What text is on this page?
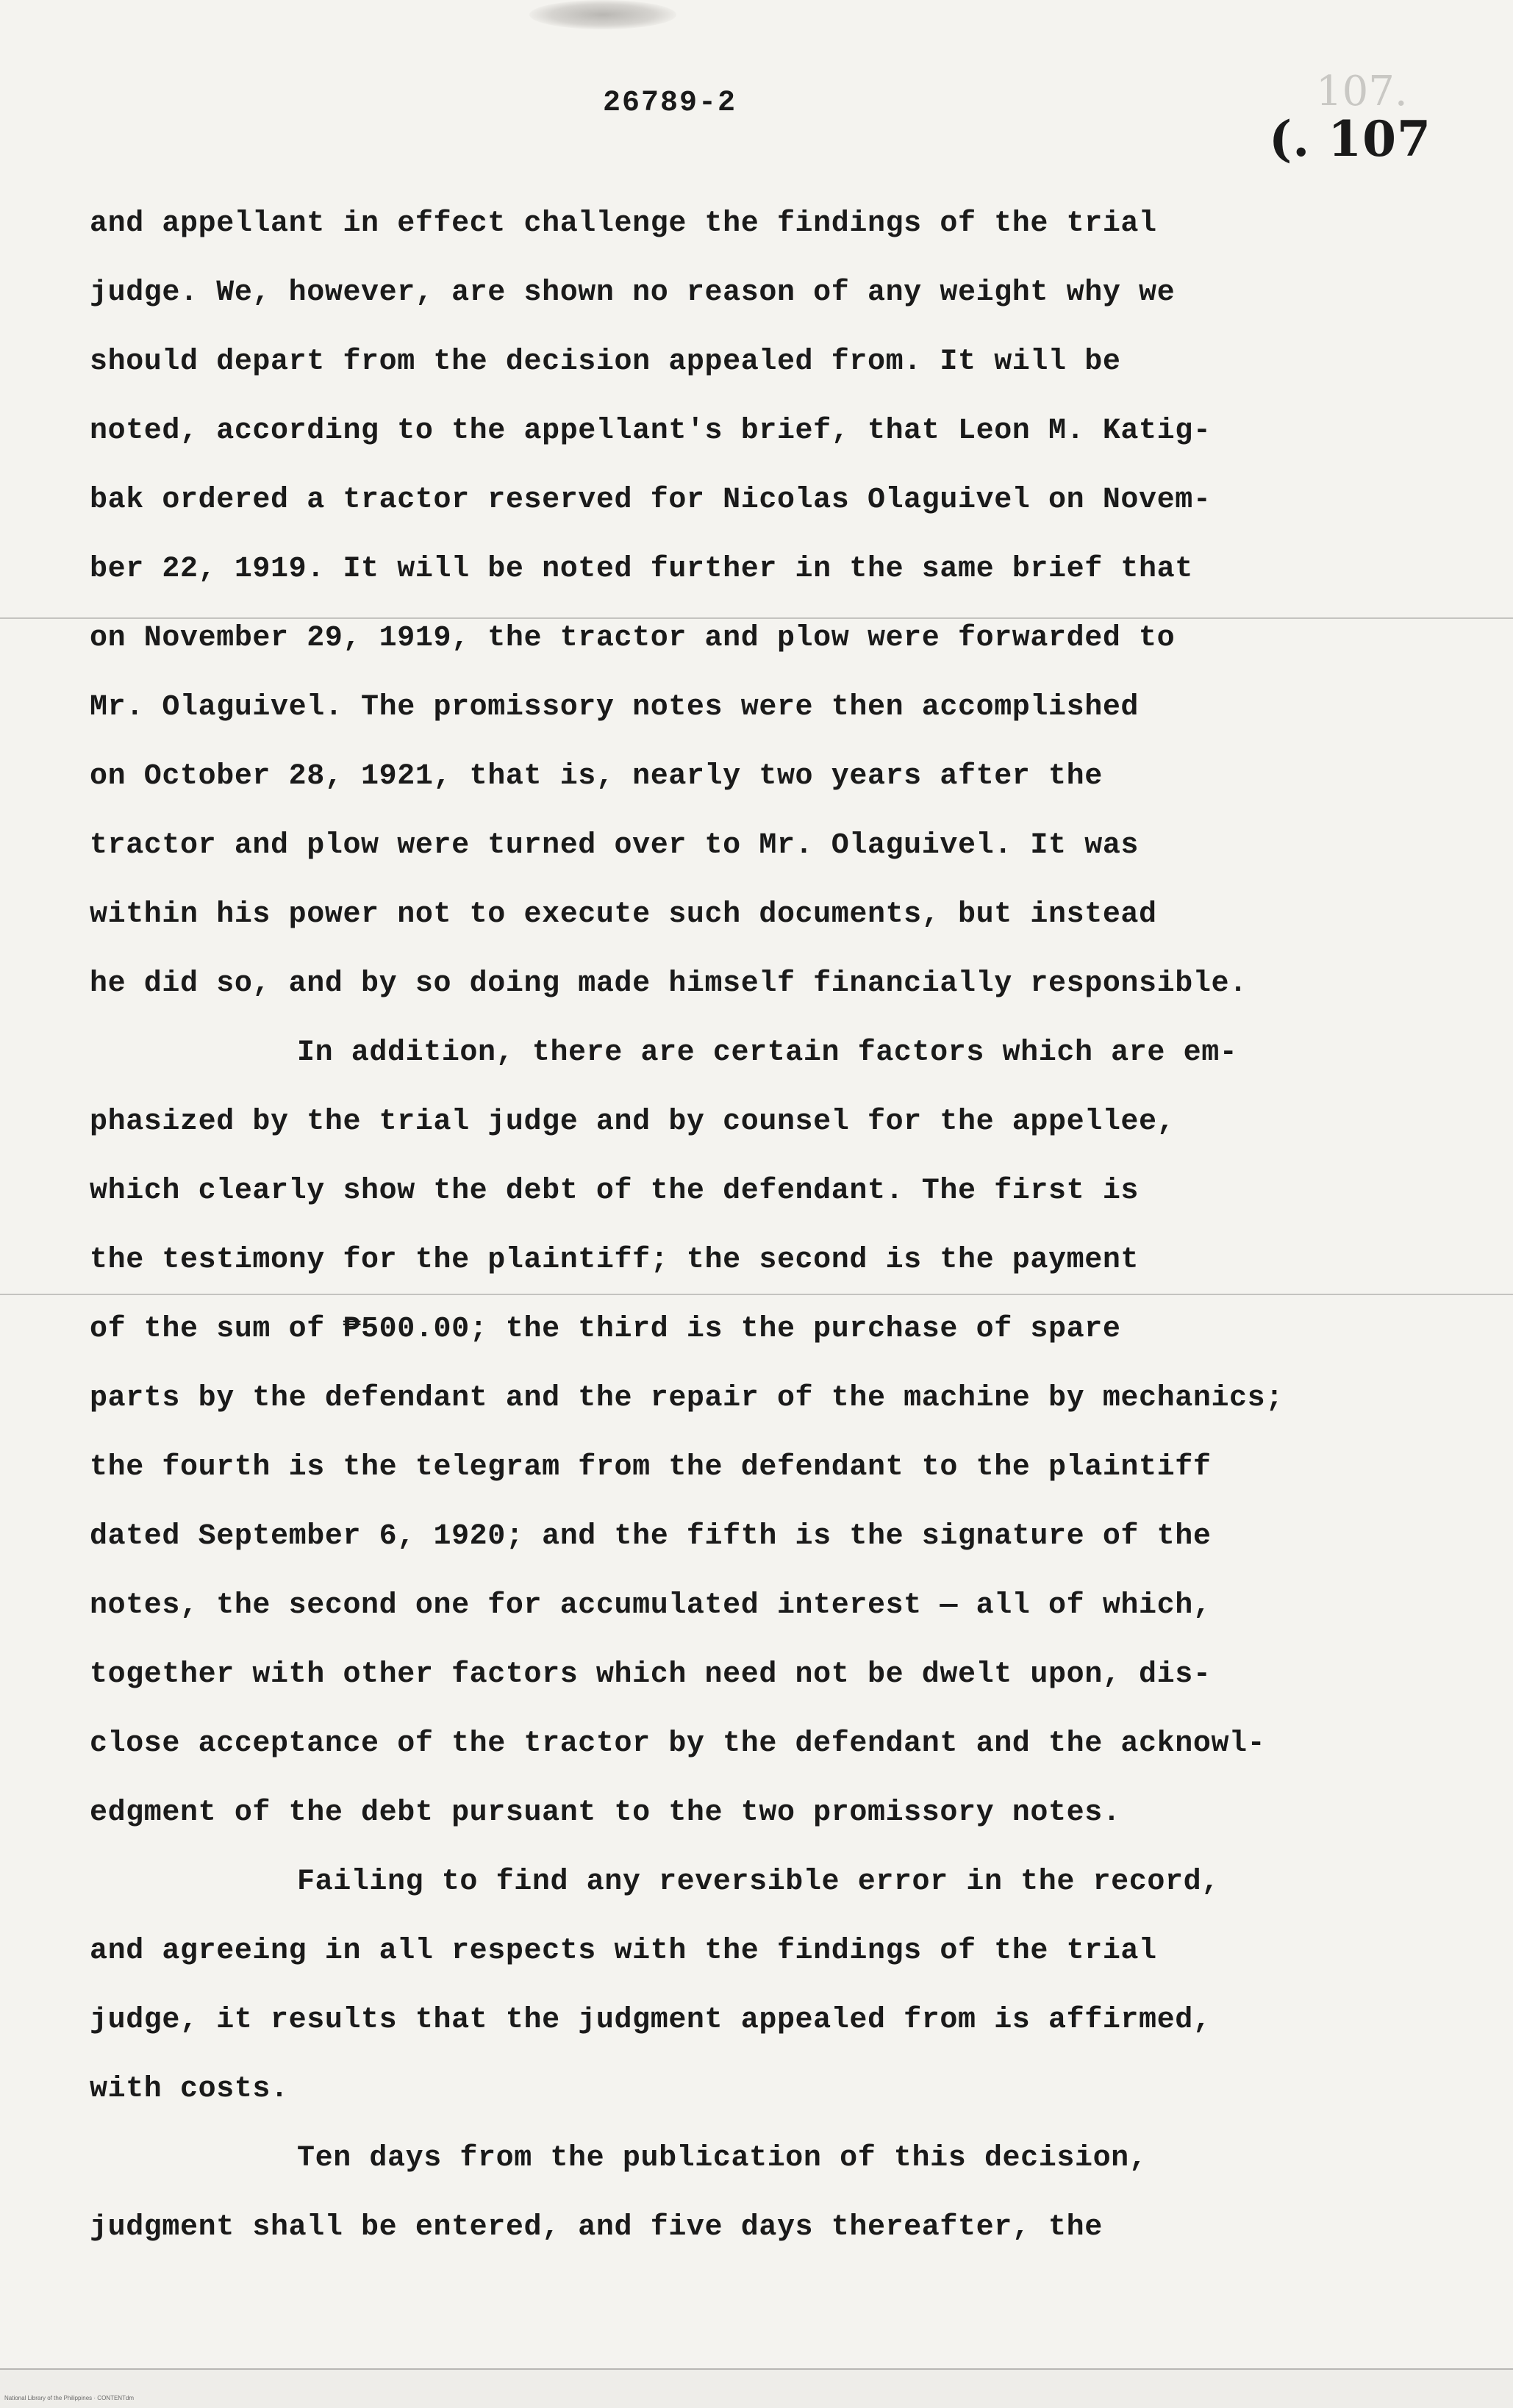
26789-2	107.
(. 107
and appellant in effect challenge the findings of the trial
judge. We, however, are shown no reason of any weight why we
should depart from the decision appealed from. It will be
noted, according to the appellant's brief, that Leon M. Katig-
bak ordered a tractor reserved for Nicolas Olaguivel on Novem-
ber 22, 1919. It will be noted further in the same brief that
on November 29, 1919, the tractor and plow were forwarded to
Mr. Olaguivel. The promissory notes were then accomplished
on October 28, 1921, that is, nearly two years after the
tractor and plow were turned over to Mr. Olaguivel. It was
within his power not to execute such documents, but instead
he did so, and by so doing made himself financially responsible.
In addition, there are certain factors which are em-
phasized by the trial judge and by counsel for the appellee,
which clearly show the debt of the defendant. The first is
the testimony for the plaintiff; the second is the payment
of the sum of ₱500.00; the third is the purchase of spare
parts by the defendant and the repair of the machine by mechanics;
the fourth is the telegram from the defendant to the plaintiff
dated September 6, 1920; and the fifth is the signature of the
notes, the second one for accumulated interest — all of which,
together with other factors which need not be dwelt upon, dis-
close acceptance of the tractor by the defendant and the acknowl-
edgment of the debt pursuant to the two promissory notes.
Failing to find any reversible error in the record,
and agreeing in all respects with the findings of the trial
judge, it results that the judgment appealed from is affirmed,
with costs.
Ten days from the publication of this decision,
judgment shall be entered, and five days thereafter, the
National Library of the Philippines · CONTENTdm
